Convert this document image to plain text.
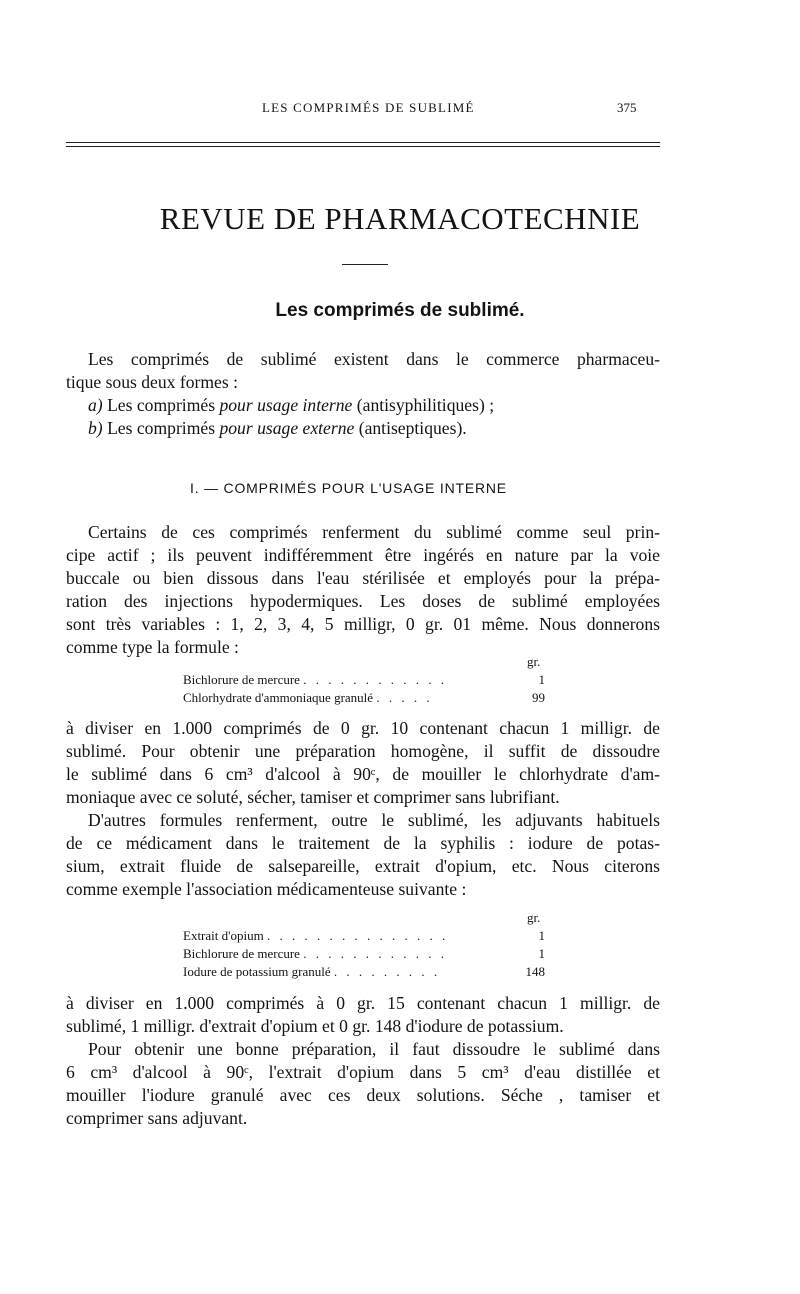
LES COMPRIMÉS DE SUBLIMÉ	375
REVUE DE PHARMACOTECHNIE
Les comprimés de sublimé.
Les comprimés de sublimé existent dans le commerce pharmaceu-
tique sous deux formes :
a) Les comprimés pour usage interne (antisyphilitiques) ;
b) Les comprimés pour usage externe (antiseptiques).
I. — COMPRIMÉS POUR L'USAGE INTERNE
Certains de ces comprimés renferment du sublimé comme seul prin-
cipe actif ; ils peuvent indifféremment être ingérés en nature par la voie
buccale ou bien dissous dans l'eau stérilisée et employés pour la prépa-
ration des injections hypodermiques. Les doses de sublimé employées
sont très variables : 1, 2, 3, 4, 5 milligr, 0 gr. 01 même. Nous donnerons
comme type la formule :
gr.
Bichlorure de mercure . . . . . . . . . . . .	1
Chlorhydrate d'ammoniaque granulé . . . . .	99
à diviser en 1.000 comprimés de 0 gr. 10 contenant chacun 1 milligr. de
sublimé. Pour obtenir une préparation homogène, il suffit de dissoudre
le sublimé dans 6 cm³ d'alcool à 90ᶜ, de mouiller le chlorhydrate d'am-
moniaque avec ce soluté, sécher, tamiser et comprimer sans lubrifiant.
D'autres formules renferment, outre le sublimé, les adjuvants habituels
de ce médicament dans le traitement de la syphilis : iodure de potas-
sium, extrait fluide de salsepareille, extrait d'opium, etc. Nous citerons
comme exemple l'association médicamenteuse suivante :
gr.
Extrait d'opium . . . . . . . . . . . . . . .	1
Bichlorure de mercure . . . . . . . . . . . .	1
Iodure de potassium granulé . . . . . . . . .	148
à diviser en 1.000 comprimés à 0 gr. 15 contenant chacun 1 milligr. de
sublimé, 1 milligr. d'extrait d'opium et 0 gr. 148 d'iodure de potassium.
Pour obtenir une bonne préparation, il faut dissoudre le sublimé dans
6 cm³ d'alcool à 90ᶜ, l'extrait d'opium dans 5 cm³ d'eau distillée et
mouiller l'iodure granulé avec ces deux solutions. Séche , tamiser et
comprimer sans adjuvant.
